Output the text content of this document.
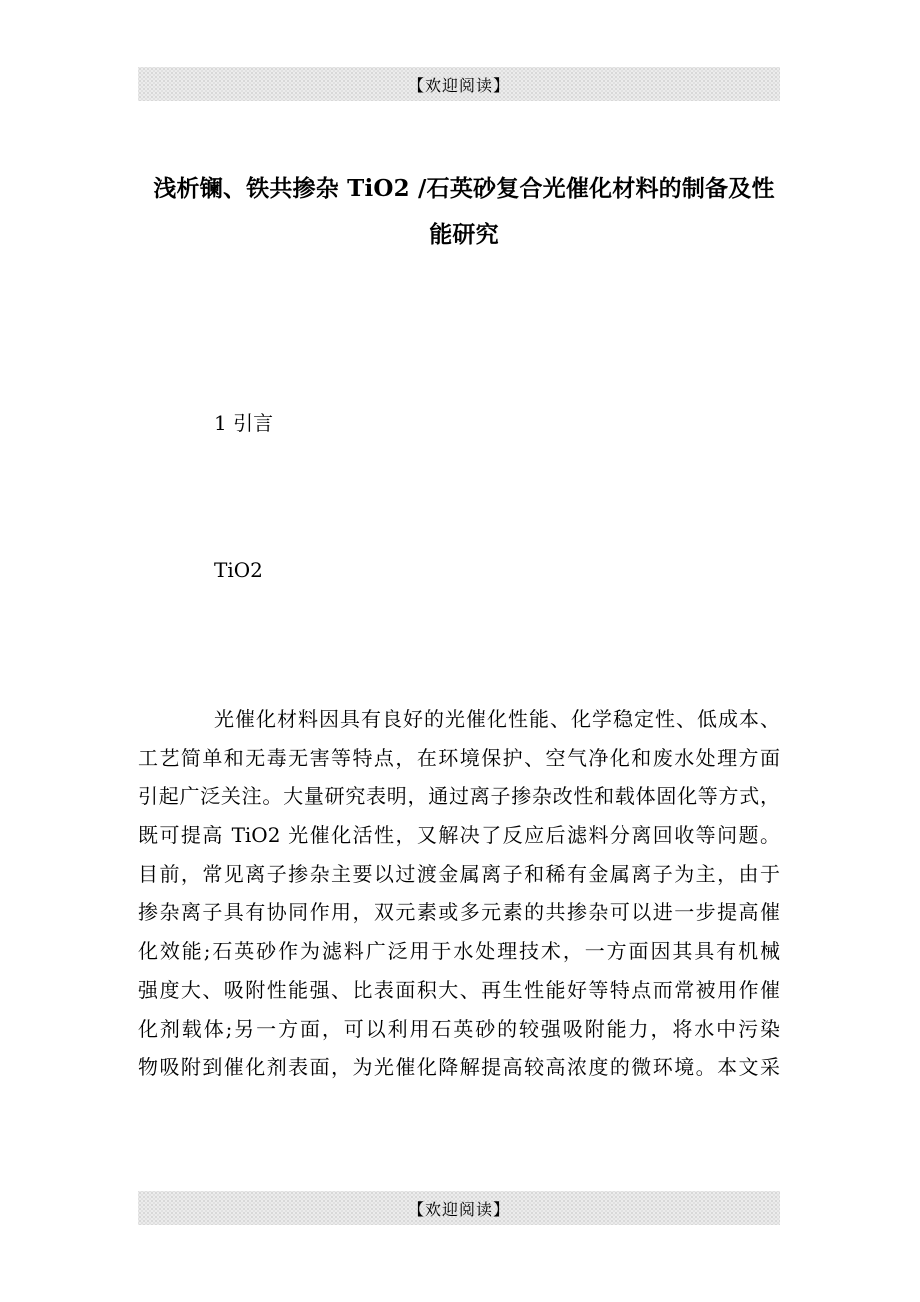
【欢迎阅读】
浅析镧、铁共掺杂 TiO2 /石英砂复合光催化材料的制备及性
能研究

1 引言

TiO2

光催化材料因具有良好的光催化性能、化学稳定性、低成本、
工艺简单和无毒无害等特点，在环境保护、空气净化和废水处理方面
引起广泛关注。大量研究表明，通过离子掺杂改性和载体固化等方式，
既可提高 TiO2 光催化活性，又解决了反应后滤料分离回收等问题。
目前，常见离子掺杂主要以过渡金属离子和稀有金属离子为主，由于
掺杂离子具有协同作用，双元素或多元素的共掺杂可以进一步提高催
化效能;石英砂作为滤料广泛用于水处理技术，一方面因其具有机械
强度大、吸附性能强、比表面积大、再生性能好等特点而常被用作催
化剂载体;另一方面，可以利用石英砂的较强吸附能力，将水中污染
物吸附到催化剂表面，为光催化降解提高较高浓度的微环境。本文采
【欢迎阅读】
